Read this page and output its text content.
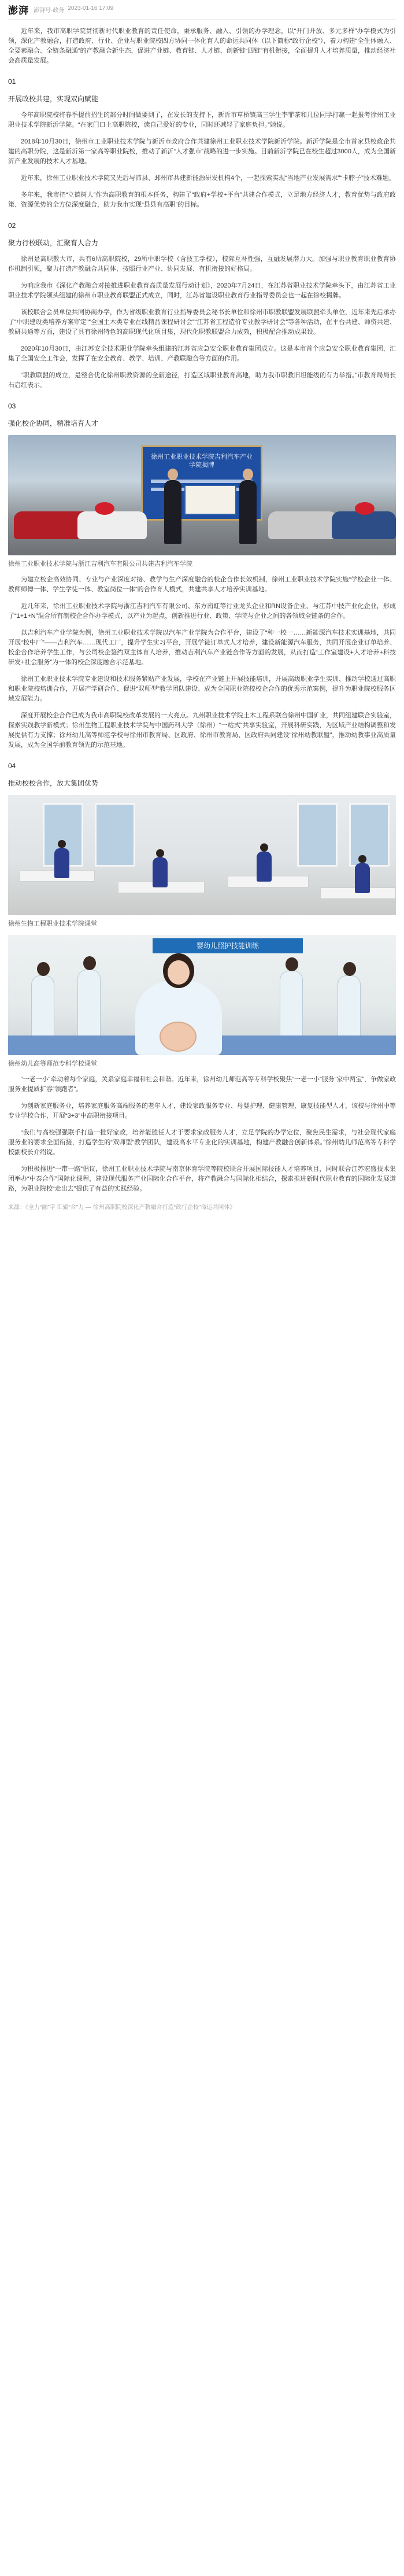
澎湃 澎湃号·政务 2023-01-16 17:09

近年来，我市高职学院贯彻新时代职业教育的责任使命，秉承服务、融入、引领的办学理念，以“开门开放、多元多样”办学模式为引领，深化产教融合，打造政府、行业、企业与职业院校四方协同一体化育人的命运共同体（以下简称“政行企校”），着力构建“全生体融入、全要素融合、全链条融通”的产教融合新生态，促进产业链、教育链、人才链、创新链“四链”有机衔接，全面提升人才培养质量，推动经济社会高质量发展。

01
开展政校共建，实现双向赋能

今年高职院校将春季提前招生的部分时间做要到了，在发长的支持下，新沂市草桥镇高三学生李菲茶和几位同学打赢一起报考徐州工业职业技术学院新沂学院。“在家门口上高职院校，读自己爱好的专业，同时还减轻了家庭负担。”她说。

2018年10月30日，徐州市工业职业技术学院与新沂市政府合作共建徐州工业职业技术学院新沂学院。新沂学院是全市首家县校政企共建的高职分院，这是新沂第一家高等职业院校，推动了新沂“人才强市”战略的进一步实施。目前新沂学院已在校生超过3000人，成为全国新沂产业发展的技术人才基地。

近年来，徐州工业职业技术学院又先后与沛县、邳州市共建新能源研发机构4个，一起探索实现“当地产业发展需求”“卡脖子”技术难题。

多年来，我市把“立德树人”作为高职教育的根本任务，构建了“政府+学校+平台”共建合作模式，立足地方经济人才，教育优势与政府政策、资源优势的全方位深度融合，助力我市实现“县县有高职”的目标。

02
聚力行校联动，汇聚育人合力

徐州是高职教大市，共有6所高职院校，29所中职学校（含技工学校），校际互补性强，互融发展潜力大。加强与职业教育职业教育协作机制引领，聚力打造产教融合共同体，按照行业产业、协同发展、有机衔接的好格局。

为响应我市《深化产教融合对接推进职业教育高质量发展行动计划》，2020年7月24日，在江苏省职业技术学院牵头下，由江苏省工业职业技术学院领头组建的徐州市职业教育联盟正式成立，同时，江苏省建设职业教育行业指导委员会也一起在徐校揭牌。

该校联合会员单位共同协商办学，作为省级职业教育行业指导委员会秘书长单位和徐州市职教联盟发展联盟牵头单位，近年来先后承办了“中职建设类培养方案审定”“全国土木类专业在线精品课程研讨会”“江苏省工程造价专业教学研讨会”等各种活动，在平台共建、师资共建、教研共通等方面，建设了具有徐州特色的高职现代化项目集，现代化职教联盟合力成效，积极配合推动成果设。

2020年10月30日，由江苏安全技术职业学院牵头组建的江苏省应急安全职业教育集团成立。这是本市首个应急安全职业教育集团，汇集了全国安全工作会，发挥了在安全教育、教学、培训、产教联融合等方面的作用。

“职教联盟的成立，是整合优化徐州职教资源的全新途径，打造区域职业教育高地，助力我市职教旧坦能级的有力举措。”市教育局局长石启红表示。

03
强化校企协同，精准培育人才
徐州工业职业技术学院吉利汽车产业学院揭牌
徐州工业职业技术学院与浙江吉利汽车有限公司共建吉利汽车学院

为建立校企高效协同、专业与产业深度对接、教学与生产深度融合的校企合作长效机制，徐州工业职业技术学院实施“学校企业一体、教师师傅一体、学生学徒一体、教室岗位一体”的合作育人模式，共建共享人才培养实训基地。

近几年来，徐州工业职业技术学院与浙江吉利汽车有限公司、东方南虹等行业龙头企业和RN设备企业、与江苏中技产业化企业，形成了“1+1+N”混合所有制校企合作办学模式，以产业为起点，创新推进行业、政策、学院与企业之间的各领域全链条的合作。

以吉利汽车产业学院为例，徐州工业职业技术学院以汽车产业学院为合作平台，建设了“种一校一……新能源汽车技术实训基地，共同开展“校中厂”——吉利汽车……现代工厂，提升学生实习平台，开展学徒订单式人才培养，建设新能源汽车服务，共同开展企业订单培养、校企合作培养学生工作，与公司校企签约双主体育人培养，推动吉利汽车产业链合作等方面的发展，从而打造“工作室建设+人才培养+科技研发+社会服务”为一体的校企深度融合示范基地。

徐州工业职业技术学院专业建设和技术服务紧贴产业发展，学校在产业链上开展技能培训，开展高级职业学生实训、推动学校通过高职和职业院校培训合作，开展产学研合作、促进“双师型”教学团队建设、成为全国职业院校校企合作的优秀示范案例，提升为职业院校服务区域发展能力。

深度开展校企合作已成为我市高职院校改革发展的一大亮点。九州职业技术学院土木工程系联合徐州中国矿业，共同组建联合实验室，探索实践教学新模式；徐州生物工程职业技术学院与中国药科大学（徐州）“一站式”共享实验室，开展科研实践，为区域产业结构调整和发展提供有力支撑；徐州幼儿高等师范学校与徐州市教育局、区政府、徐州市教育局、区政府共同建设“徐州幼教联盟”，推动幼教事业高质量发展，成为全国学前教育领先的示范基地。

04
推动校校合作，放大集团优势
徐州生物工程职业技术学院课堂
婴幼儿照护技能训练
徐州幼儿高等师范专科学校课堂

“一老一小”牵动着每个家庭，关系家庭幸福和社会和谐。近年来，徐州幼儿师范高等专科学校聚焦“一老一小”服务“家中两宝”，争做家政服务业提质扩容“领跑者”。

为创新家庭服务业，培养家庭服务高端服务的老年人才，建设家政服务专业、母婴护理、健康管理、康复技能型人才，该校与徐州中等专业学校合作，开展“3+3”中高职衔接项目。

“我们与高校强强联手打造一批好家政，培养能胜任人才于要求家政服务人才，立足学院的办学定位，聚焦民生需求，与社会现代家庭服务业的要求全面衔接，打造学生的“双师型”教学团队，建设高水平专业化的实训基地，构建产教融合创新体系。”徐州幼儿师范高等专科学校副校长介绍说。

为积极推进“一带一路”倡议，徐州工业职业技术学院与南京体育学院等院校联合开展国际技能人才培养项目，同时联合江苏宏盛技术集团举办“中泰合作”国际化课程，建设现代服务产业国际化合作平台，将产教融合与国际化相结合，探索推进新时代职业教育的国际化发展道路，为职业院校“走出去”提供了有益的实践经验。

来源：《全力“融”字 汇聚“合”力 — 徐州高职院校深化产教融合打造“政行企校”命运共同体》
